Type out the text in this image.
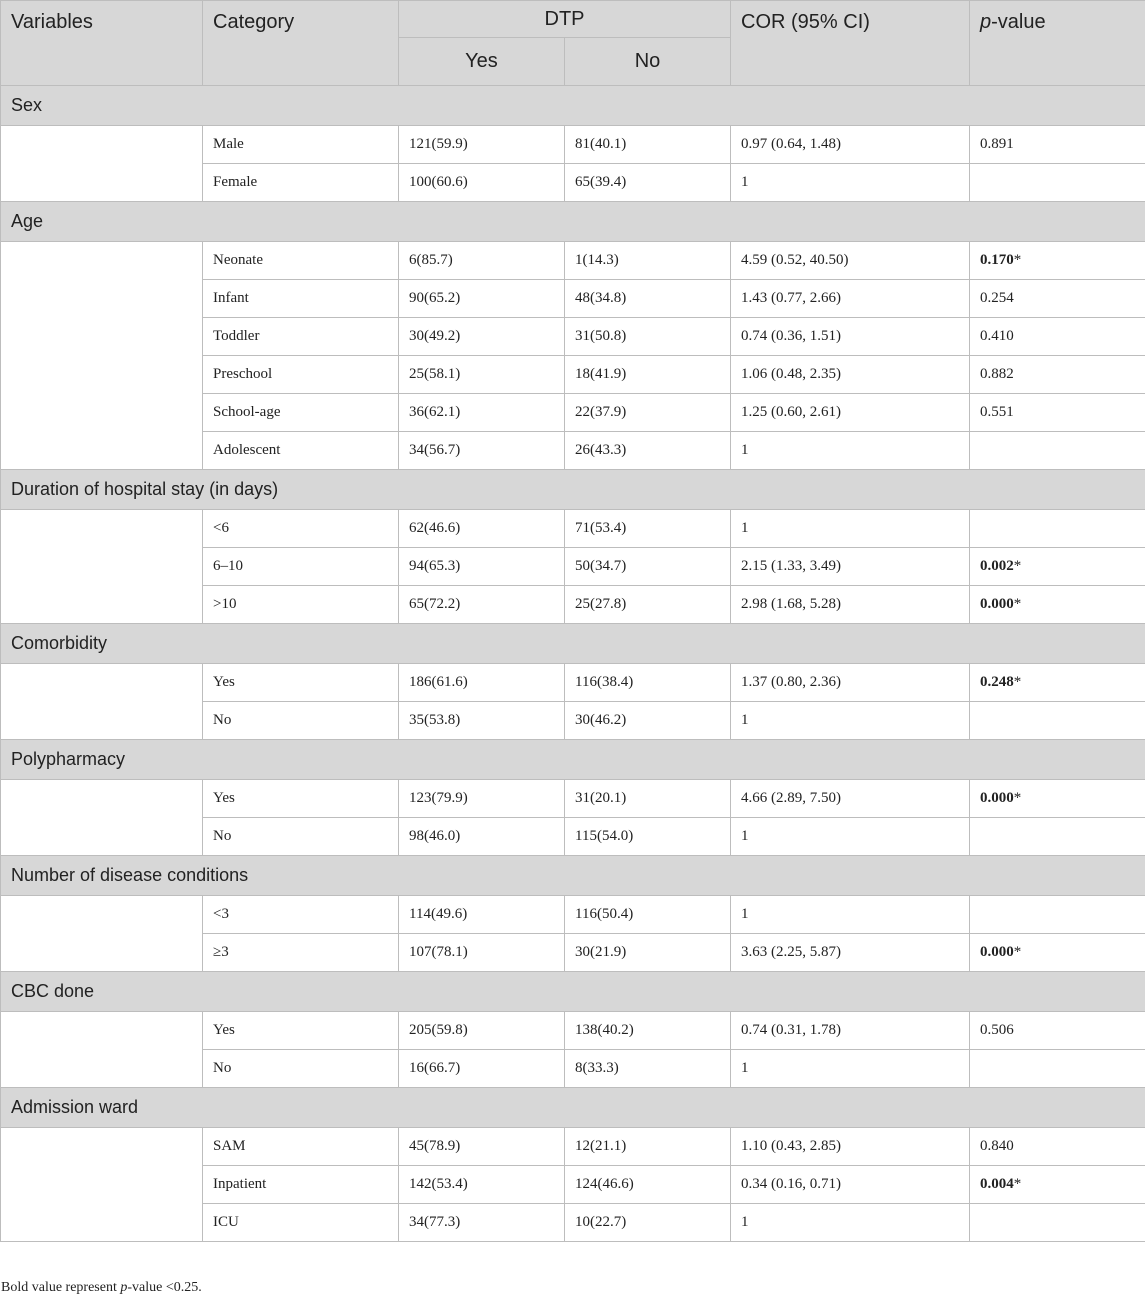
Variables	Category	DTP		COR (95% CI)	p-value
		Yes	No		
Sex					
	Male	121(59.9)	81(40.1)	0.97 (0.64, 1.48)	0.891
	Female	100(60.6)	65(39.4)	1	
Age					
	Neonate	6(85.7)	1(14.3)	4.59 (0.52, 40.50)	0.170*
	Infant	90(65.2)	48(34.8)	1.43 (0.77, 2.66)	0.254
	Toddler	30(49.2)	31(50.8)	0.74 (0.36, 1.51)	0.410
	Preschool	25(58.1)	18(41.9)	1.06 (0.48, 2.35)	0.882
	School-age	36(62.1)	22(37.9)	1.25 (0.60, 2.61)	0.551
	Adolescent	34(56.7)	26(43.3)	1	
Duration of hospital stay (in days)					
	<6	62(46.6)	71(53.4)	1	
	6–10	94(65.3)	50(34.7)	2.15 (1.33, 3.49)	0.002*
	>10	65(72.2)	25(27.8)	2.98 (1.68, 5.28)	0.000*
Comorbidity					
	Yes	186(61.6)	116(38.4)	1.37 (0.80, 2.36)	0.248*
	No	35(53.8)	30(46.2)	1	
Polypharmacy					
	Yes	123(79.9)	31(20.1)	4.66 (2.89, 7.50)	0.000*
	No	98(46.0)	115(54.0)	1	
Number of disease conditions					
	<3	114(49.6)	116(50.4)	1	
	≥3	107(78.1)	30(21.9)	3.63 (2.25, 5.87)	0.000*
CBC done					
	Yes	205(59.8)	138(40.2)	0.74 (0.31, 1.78)	0.506
	No	16(66.7)	8(33.3)	1	
Admission ward					
	SAM	45(78.9)	12(21.1)	1.10 (0.43, 2.85)	0.840
	Inpatient	142(53.4)	124(46.6)	0.34 (0.16, 0.71)	0.004*
	ICU	34(77.3)	10(22.7)	1	
Bold value represent p-value <0.25.
